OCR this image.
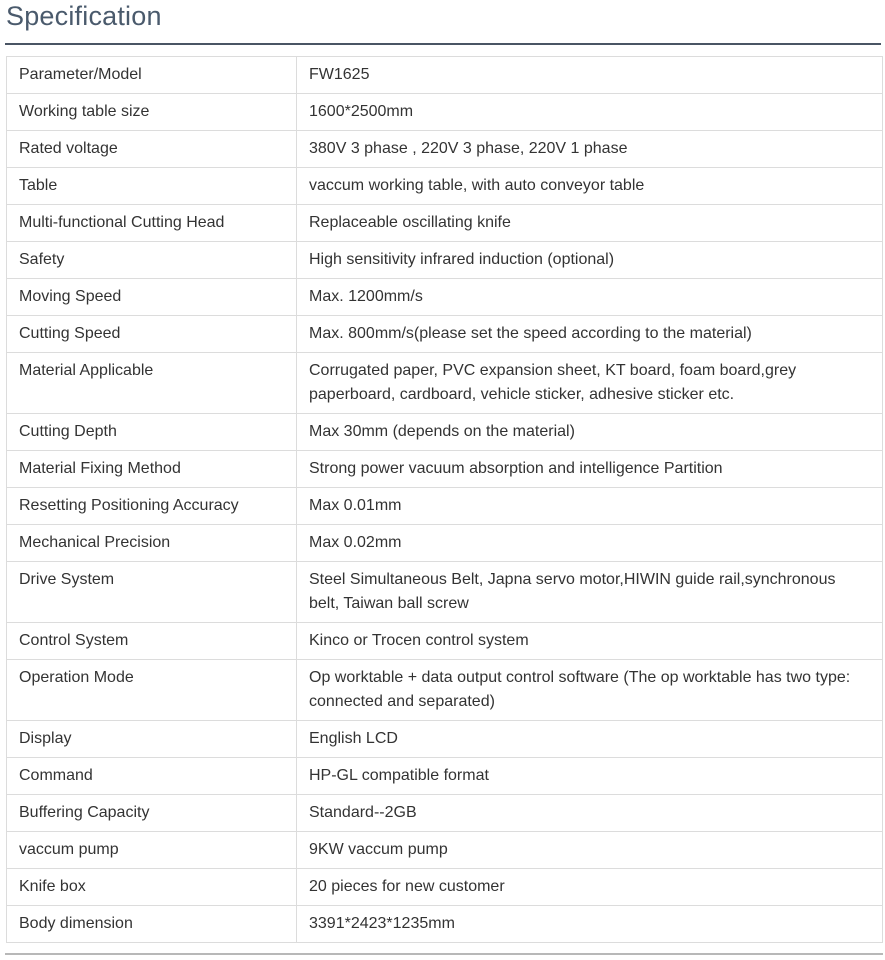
Specification
Parameter/Model	FW1625
Working table size	1600*2500mm
Rated voltage	380V 3 phase , 220V 3 phase, 220V 1 phase
Table	vaccum working table, with auto conveyor table
Multi-functional Cutting Head	Replaceable oscillating knife
Safety	High sensitivity infrared induction (optional)
Moving Speed	Max. 1200mm/s
Cutting Speed	Max. 800mm/s(please set the speed according to the material)
Material Applicable	Corrugated paper, PVC expansion sheet, KT board, foam board,grey paperboard, cardboard, vehicle sticker, adhesive sticker etc.
Cutting Depth	Max 30mm (depends on the material)
Material Fixing Method	Strong power vacuum absorption and intelligence Partition
Resetting Positioning Accuracy	Max 0.01mm
Mechanical Precision	Max 0.02mm
Drive System	Steel Simultaneous Belt, Japna servo motor,HIWIN guide rail,synchronous belt, Taiwan ball screw
Control System	Kinco or Trocen control system
Operation Mode	Op worktable + data output control software (The op worktable has two type: connected and separated)
Display	English LCD
Command	HP-GL compatible format
Buffering Capacity	Standard--2GB
vaccum pump	9KW vaccum pump
Knife box	20 pieces for new customer
Body dimension	3391*2423*1235mm
